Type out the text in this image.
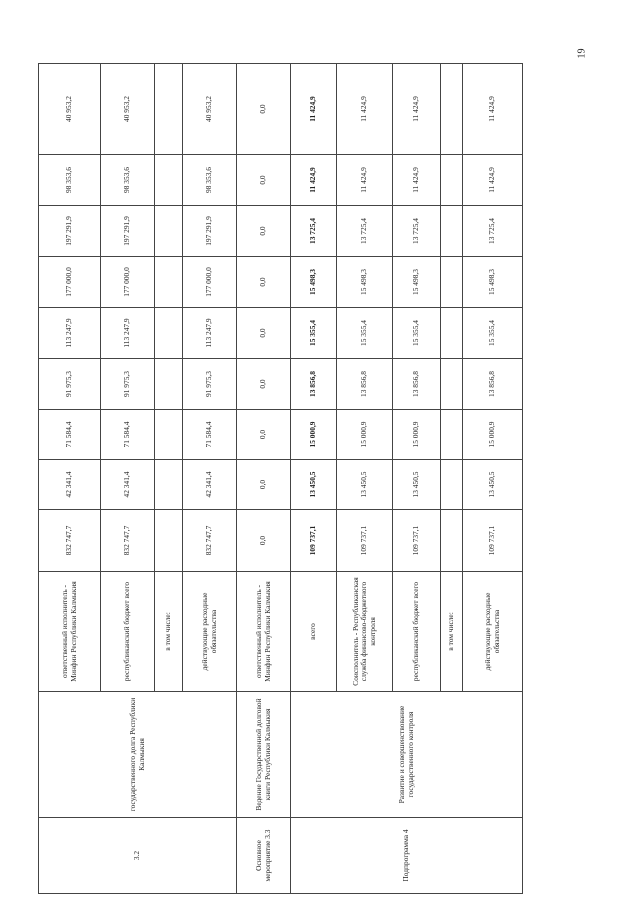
19
3.2	государственного долга Республики Калмыкия	ответственный исполнитель - Минфин Республики Калмыкия	832 747,7	42 341,4	71 584,4	91 975,3	113 247,9	177 000,0	197 291,9	98 353,6	40 953,2
		республиканский бюджет всего	832 747,7	42 341,4	71 584,4	91 975,3	113 247,9	177 000,0	197 291,9	98 353,6	40 953,2
		в том числе:									
		действующие расходные обязательства	832 747,7	42 341,4	71 584,4	91 975,3	113 247,9	177 000,0	197 291,9	98 353,6	40 953,2
Основное мероприятие 3.3	Ведение Государственной долговой книги Республики Калмыкия	ответственный исполнитель - Минфин Республики Калмыкия	0,0	0,0	0,0	0,0	0,0	0,0	0,0	0,0	0,0
Подпрограмма 4	Развитие и совершенствование государственного контроля	всего	109 737,1	13 450,5	15 000,9	13 856,8	15 355,4	15 498,3	13 725,4	11 424,9	11 424,9
		Соисполнитель - Республиканская служба финансово-бюджетного контроля	109 737,1	13 450,5	15 000,9	13 856,8	15 355,4	15 498,3	13 725,4	11 424,9	11 424,9
		республиканский бюджет всего	109 737,1	13 450,5	15 000,9	13 856,8	15 355,4	15 498,3	13 725,4	11 424,9	11 424,9
		в том числе:									
		действующие расходные обязательства	109 737,1	13 450,5	15 000,9	13 856,8	15 355,4	15 498,3	13 725,4	11 424,9	11 424,9
